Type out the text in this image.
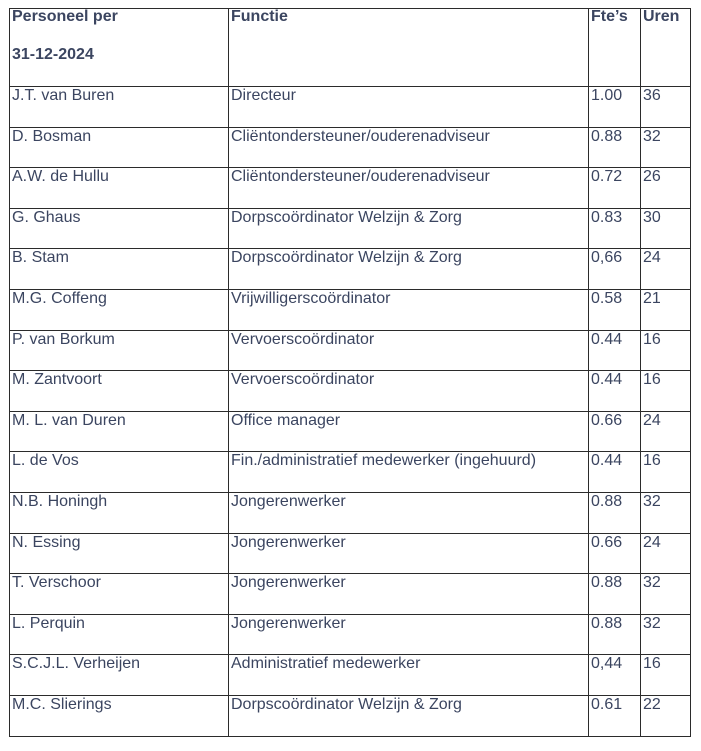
Personeel per
31-12-2024	Functie	Fte’s	Uren

J.T. van Buren	Directeur	1.00	36
D. Bosman	Cliëntondersteuner/ouderenadviseur	0.88	32
A.W. de Hullu	Cliëntondersteuner/ouderenadviseur	0.72	26
G. Ghaus	Dorpscoördinator Welzijn & Zorg	0.83	30
B. Stam	Dorpscoördinator Welzijn & Zorg	0,66	24
M.G. Coffeng	Vrijwilligerscoördinator	0.58	21
P. van Borkum	Vervoerscoördinator	0.44	16
M. Zantvoort	Vervoerscoördinator	0.44	16
M. L. van Duren	Office manager	0.66	24
L. de Vos	Fin./administratief medewerker (ingehuurd)	0.44	16
N.B. Honingh	Jongerenwerker	0.88	32
N. Essing	Jongerenwerker	0.66	24
T. Verschoor	Jongerenwerker	0.88	32
L. Perquin	Jongerenwerker	0.88	32
S.C.J.L. Verheijen	Administratief medewerker	0,44	16
M.C. Slierings	Dorpscoördinator Welzijn & Zorg	0.61	22
